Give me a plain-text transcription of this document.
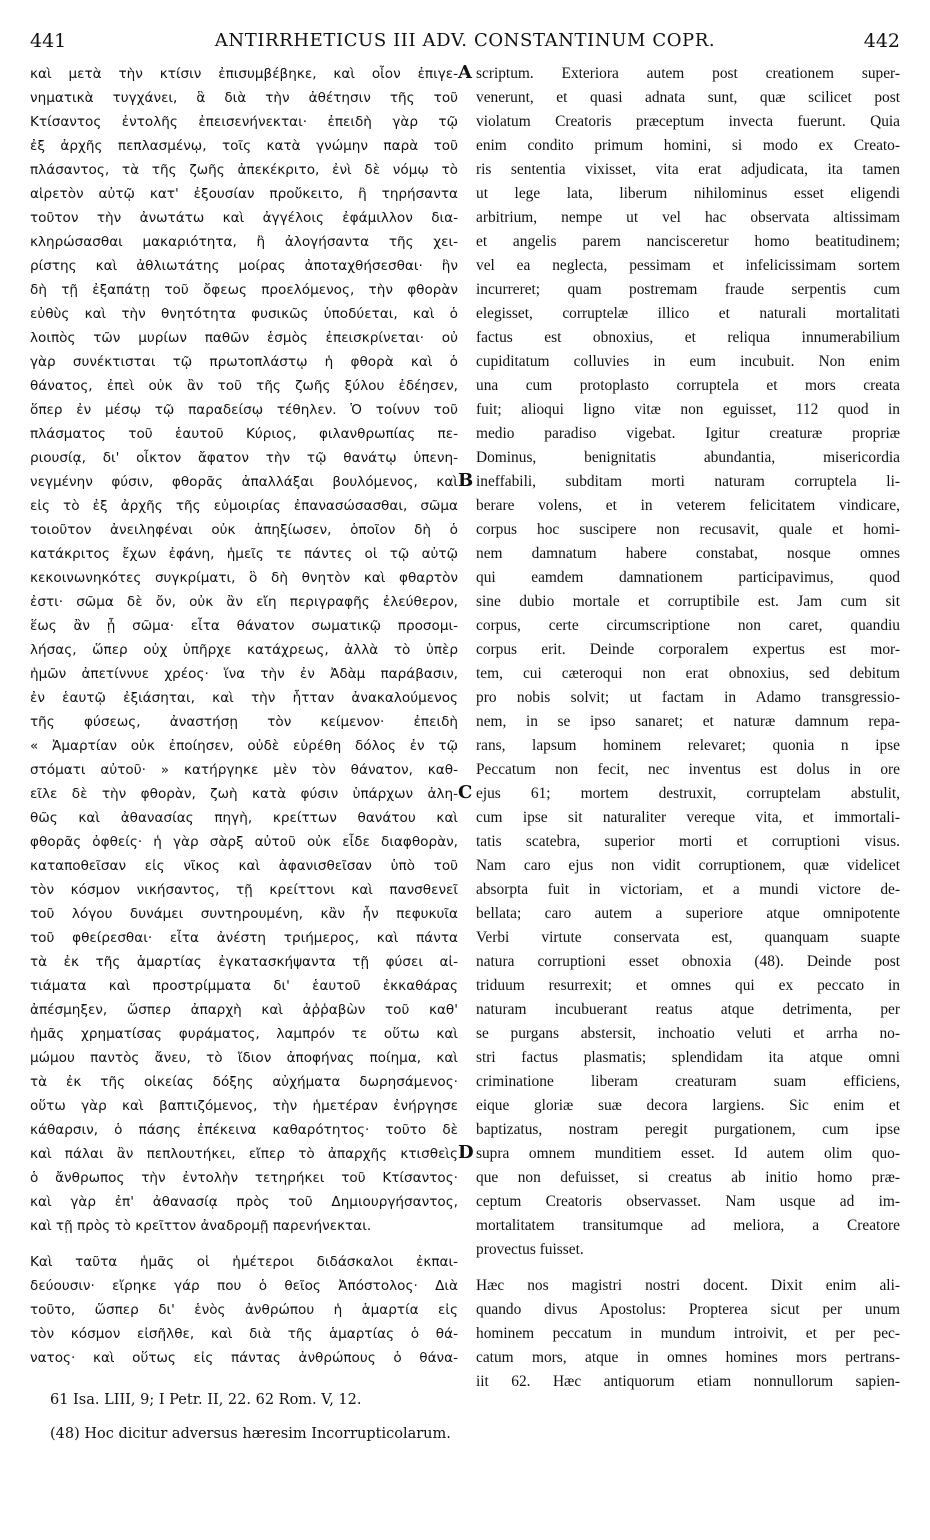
441	ANTIRRHETICUS III ADV. CONSTANTINUM COPR.	442
καὶ μετὰ τὴν κτίσιν ἐπισυμβέβηκε, καὶ οἷον ἐπιγε-
νηματικὰ τυγχάνει, ἃ διὰ τὴν ἀθέτησιν τῆς τοῦ
Κτίσαντος ἐντολῆς ἐπεισενήνεκται· ἐπειδὴ γὰρ τῷ
ἐξ ἀρχῆς πεπλασμένῳ, τοῖς κατὰ γνώμην παρὰ τοῦ
πλάσαντος, τὰ τῆς ζωῆς ἀπεκέκριτο, ἐνὶ δὲ νόμῳ τὸ
αἱρετὸν αὐτῷ κατ' ἐξουσίαν προὔκειτο, ἢ τηρήσαντα
τοῦτον τὴν ἀνωτάτω καὶ ἀγγέλοις ἐφάμιλλον δια-
κληρώσασθαι μακαριότητα, ἢ ἀλογήσαντα τῆς χει-
ρίστης καὶ ἀθλιωτάτης μοίρας ἀποταχθήσεσθαι· ἣν
δὴ τῇ ἐξαπάτῃ τοῦ ὄφεως προελόμενος, τὴν φθορὰν
εὐθὺς καὶ τὴν θνητότητα φυσικῶς ὑποδύεται, καὶ ὁ
λοιπὸς τῶν μυρίων παθῶν ἑσμὸς ἐπεισκρίνεται· οὐ
γὰρ συνέκτισται τῷ πρωτοπλάστῳ ἡ φθορὰ καὶ ὁ
θάνατος, ἐπεὶ οὐκ ἂν τοῦ τῆς ζωῆς ξύλου ἐδέησεν,
ὅπερ ἐν μέσῳ τῷ παραδείσῳ τέθηλεν. Ὁ τοίνυν τοῦ
πλάσματος τοῦ ἑαυτοῦ Κύριος, φιλανθρωπίας πε-
ριουσίᾳ, δι' οἶκτον ἄφατον τὴν τῷ θανάτῳ ὑπενη-
νεγμένην φύσιν, φθορᾶς ἀπαλλάξαι βουλόμενος, καὶ
εἰς τὸ ἐξ ἀρχῆς τῆς εὐμοιρίας ἐπανασώσασθαι, σῶμα
τοιοῦτον ἀνειληφέναι οὐκ ἀπηξίωσεν, ὁποῖον δὴ ὁ
κατάκριτος ἔχων ἐφάνη, ἡμεῖς τε πάντες οἱ τῷ αὐτῷ
κεκοινωνηκότες συγκρίματι, ὃ δὴ θνητὸν καὶ φθαρτὸν
ἐστι· σῶμα δὲ ὄν, οὐκ ἂν εἴη περιγραφῆς ἐλεύθερον,
ἕως ἂν ᾖ σῶμα· εἶτα θάνατον σωματικῷ προσομι-
λήσας, ὥπερ οὐχ ὑπῆρχε κατάχρεως, ἀλλὰ τὸ ὑπὲρ
ἡμῶν ἀπετίννυε χρέος· ἵνα τὴν ἐν Ἀδὰμ παράβασιν,
ἐν ἑαυτῷ ἐξιάσηται, καὶ τὴν ἧτταν ἀνακαλούμενος
τῆς φύσεως, ἀναστήσῃ τὸν κείμενον· ἐπειδὴ
« Ἁμαρτίαν οὐκ ἐποίησεν, οὐδὲ εὑρέθη δόλος ἐν τῷ
στόματι αὐτοῦ· » κατήργηκε μὲν τὸν θάνατον, καθ-
εῖλε δὲ τὴν φθορὰν, ζωὴ κατὰ φύσιν ὑπάρχων ἀλη-
θῶς καὶ ἀθανασίας πηγὴ, κρείττων θανάτου καὶ
φθορᾶς ὀφθείς· ἡ γὰρ σὰρξ αὐτοῦ οὐκ εἶδε διαφθορὰν,
καταποθεῖσαν εἰς νῖκος καὶ ἀφανισθεῖσαν ὑπὸ τοῦ
τὸν κόσμον νικήσαντος, τῇ κρείττονι καὶ πανσθενεῖ
τοῦ λόγου δυνάμει συντηρουμένη, κἂν ἦν πεφυκυῖα
τοῦ φθείρεσθαι· εἶτα ἀνέστη τριήμερος, καὶ πάντα
τὰ ἐκ τῆς ἁμαρτίας ἐγκατασκήψαντα τῇ φύσει αἰ-
τιάματα καὶ προστρίμματα δι' ἑαυτοῦ ἐκκαθάρας
ἀπέσμηξεν, ὥσπερ ἀπαρχὴ καὶ ἀῤῥαβὼν τοῦ καθ'
ἡμᾶς χρηματίσας φυράματος, λαμπρόν τε οὕτω καὶ
μώμου παντὸς ἄνευ, τὸ ἴδιον ἀποφήνας ποίημα, καὶ
τὰ ἐκ τῆς οἰκείας δόξης αὐχήματα δωρησάμενος·
οὕτω γὰρ καὶ βαπτιζόμενος, τὴν ἡμετέραν ἐνήργησε
κάθαρσιν, ὁ πάσης ἐπέκεινα καθαρότητος· τοῦτο δὲ
καὶ πάλαι ἂν πεπλουτήκει, εἴπερ τὸ ἀπαρχῆς κτισθεὶς
ὁ ἄνθρωπος τὴν ἐντολὴν τετηρήκει τοῦ Κτίσαντος·
καὶ γὰρ ἐπ' ἀθανασίᾳ πρὸς τοῦ Δημιουργήσαντος,
καὶ τῇ πρὸς τὸ κρεῖττον ἀναδρομῇ παρενήνεκται.
Καὶ ταῦτα ἡμᾶς οἱ ἡμέτεροι διδάσκαλοι ἐκπαι-
δεύουσιν· εἴρηκε γάρ που ὁ θεῖος Ἀπόστολος· Διὰ
τοῦτο, ὥσπερ δι' ἑνὸς ἀνθρώπου ἡ ἁμαρτία εἰς
τὸν κόσμον εἰσῆλθε, καὶ διὰ τῆς ἁμαρτίας ὁ θά-
νατος· καὶ οὕτως εἰς πάντας ἀνθρώπους ὁ θάνα-
A
B
C
D
scriptum. Exteriora autem post creationem super-
venerunt, et quasi adnata sunt, quæ scilicet post
violatum Creatoris præceptum invecta fuerunt. Quia
enim condito primum homini, si modo ex Creato-
ris sententia vixisset, vita erat adjudicata, ita tamen
ut lege lata, liberum nihilominus esset eligendi
arbitrium, nempe ut vel hac observata altissimam
et angelis parem nancisceretur homo beatitudinem;
vel ea neglecta, pessimam et infelicissimam sortem
incurreret; quam postremam fraude serpentis cum
elegisset, corruptelæ illico et naturali mortalitati
factus est obnoxius, et reliqua innumerabilium
cupiditatum colluvies in eum incubuit. Non enim
una cum protoplasto corruptela et mors creata
fuit; alioqui ligno vitæ non eguisset, 112 quod in
medio paradiso vigebat. Igitur creaturæ propriæ
Dominus, benignitatis abundantia, misericordia
ineffabili, subditam morti naturam corruptela li-
berare volens, et in veterem felicitatem vindicare,
corpus hoc suscipere non recusavit, quale et homi-
nem damnatum habere constabat, nosque omnes
qui eamdem damnationem participavimus, quod
sine dubio mortale et corruptibile est. Jam cum sit
corpus, certe circumscriptione non caret, quandiu
corpus erit. Deinde corporalem expertus est mor-
tem, cui cæteroqui non erat obnoxius, sed debitum
pro nobis solvit; ut factam in Adamo transgressio-
nem, in se ipso sanaret; et naturæ damnum repa-
rans, lapsum hominem relevaret; quonia n ipse
Peccatum non fecit, nec inventus est dolus in ore
ejus 61; mortem destruxit, corruptelam abstulit,
cum ipse sit naturaliter vereque vita, et immortali-
tatis scatebra, superior morti et corruptioni visus.
Nam caro ejus non vidit corruptionem, quæ videlicet
absorpta fuit in victoriam, et a mundi victore de-
bellata; caro autem a superiore atque omnipotente
Verbi virtute conservata est, quanquam suapte
natura corruptioni esset obnoxia (48). Deinde post
triduum resurrexit; et omnes qui ex peccato in
naturam incubuerant reatus atque detrimenta, per
se purgans abstersit, inchoatio veluti et arrha no-
stri factus plasmatis; splendidam ita atque omni
criminatione liberam creaturam suam efficiens,
eique gloriæ suæ decora largiens. Sic enim et
baptizatus, nostram peregit purgationem, cum ipse
supra omnem munditiem esset. Id autem olim quo-
que non defuisset, si creatus ab initio homo præ-
ceptum Creatoris observasset. Nam usque ad im-
mortalitatem transitumque ad meliora, a Creatore
provectus fuisset.
Hæc nos magistri nostri docent. Dixit enim ali-
quando divus Apostolus: Propterea sicut per unum
hominem peccatum in mundum introivit, et per pec-
catum mors, atque in omnes homines mors pertrans-
iit 62. Hæc antiquorum etiam nonnullorum sapien-
61 Isa. LIII, 9; I Petr. II, 22. 62 Rom. V, 12.
(48) Hoc dicitur adversus hæresim Incorrupticolarum.
